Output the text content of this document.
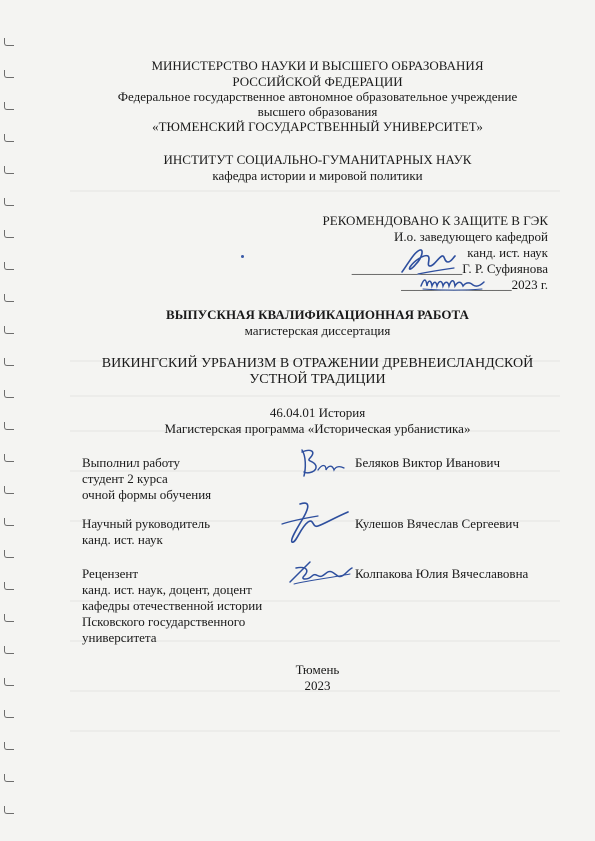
МИНИСТЕРСТВО НАУКИ И ВЫСШЕГО ОБРАЗОВАНИЯ
РОССИЙСКОЙ ФЕДЕРАЦИИ
Федеральное государственное автономное образовательное учреждение
высшего образования
«ТЮМЕНСКИЙ ГОСУДАРСТВЕННЫЙ УНИВЕРСИТЕТ»
ИНСТИТУТ СОЦИАЛЬНО-ГУМАНИТАРНЫХ НАУК
кафедра истории и мировой политики
РЕКОМЕНДОВАНО К ЗАЩИТЕ В ГЭК
И.о. заведующего кафедрой
канд. ист. наук
_________________Г. Р. Суфиянова
_________________2023 г.
ВЫПУСКНАЯ КВАЛИФИКАЦИОННАЯ РАБОТА
магистерская диссертация
ВИКИНГСКИЙ УРБАНИЗМ В ОТРАЖЕНИИ ДРЕВНЕИСЛАНДСКОЙ
УСТНОЙ ТРАДИЦИИ
46.04.01 История
Магистерская программа «Историческая урбанистика»
Выполнил работу
студент 2 курса
очной формы обучения
Беляков Виктор Иванович
Научный руководитель
канд. ист. наук
Кулешов Вячеслав Сергеевич
Рецензент
канд. ист. наук, доцент, доцент
кафедры отечественной истории
Псковского государственного
университета
Колпакова Юлия Вячеславовна
Тюмень
2023
